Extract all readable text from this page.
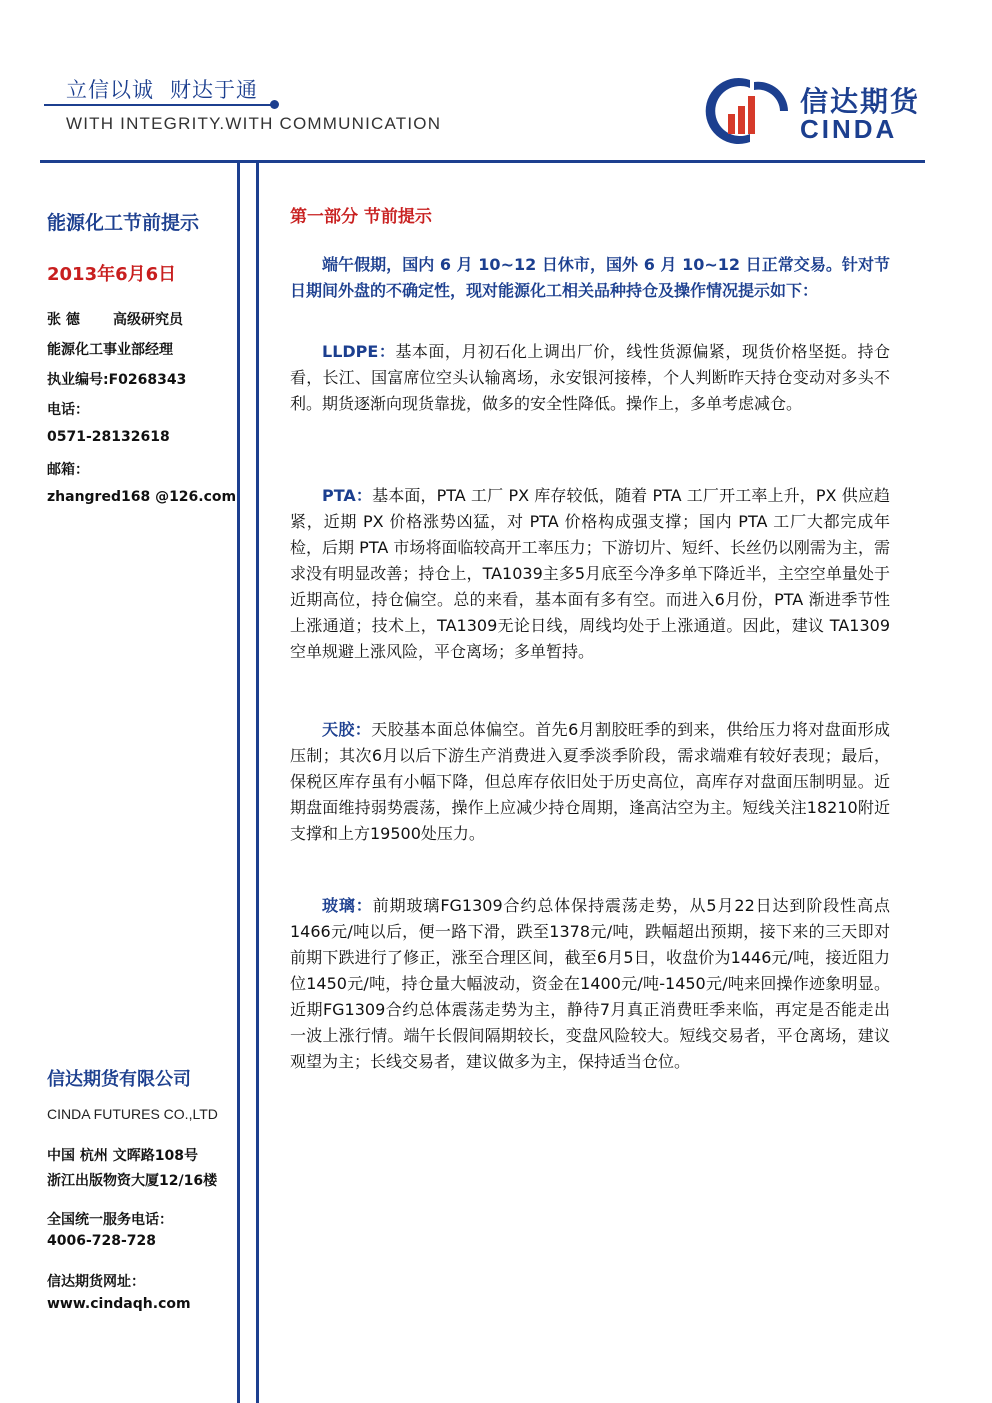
立信以诚 财达于通
WITH INTEGRITY.WITH COMMUNICATION
信达期货
CINDA
能源化工节前提示
2013年6月6日
张 德 高级研究员
能源化工事业部经理
执业编号:F0268343
电话：
0571-28132618
邮箱：
zhangred168 @126.com
信达期货有限公司
CINDA FUTURES CO.,LTD
中国 杭州 文晖路108号
浙江出版物资大厦12/16楼
全国统一服务电话：
4006-728-728
信达期货网址：
www.cindaqh.com
第一部分 节前提示

端午假期，国内 6 月 10~12 日休市，国外 6 月 10~12 日正常交易。针对节日期间外盘的不确定性，现对能源化工相关品种持仓及操作情况提示如下：

LLDPE：基本面，月初石化上调出厂价，线性货源偏紧，现货价格坚挺。持仓看，长江、国富席位空头认输离场，永安银河接棒，个人判断昨天持仓变动对多头不利。期货逐渐向现货靠拢，做多的安全性降低。操作上，多单考虑减仓。

PTA：基本面，PTA 工厂 PX 库存较低，随着 PTA 工厂开工率上升，PX 供应趋紧，近期 PX 价格涨势凶猛，对 PTA 价格构成强支撑；国内 PTA 工厂大都完成年检，后期 PTA 市场将面临较高开工率压力；下游切片、短纤、长丝仍以刚需为主，需求没有明显改善；持仓上，TA1039主多5月底至今净多单下降近半，主空空单量处于近期高位，持仓偏空。总的来看，基本面有多有空。而进入6月份，PTA 渐进季节性上涨通道；技术上，TA1309无论日线，周线均处于上涨通道。因此，建议 TA1309空单规避上涨风险，平仓离场；多单暂持。

天胶：天胶基本面总体偏空。首先6月割胶旺季的到来，供给压力将对盘面形成压制；其次6月以后下游生产消费进入夏季淡季阶段，需求端难有较好表现；最后，保税区库存虽有小幅下降，但总库存依旧处于历史高位，高库存对盘面压制明显。近期盘面维持弱势震荡，操作上应减少持仓周期，逢高沽空为主。短线关注18210附近支撑和上方19500处压力。

玻璃：前期玻璃FG1309合约总体保持震荡走势，从5月22日达到阶段性高点1466元/吨以后，便一路下滑，跌至1378元/吨，跌幅超出预期，接下来的三天即对前期下跌进行了修正，涨至合理区间，截至6月5日，收盘价为1446元/吨，接近阻力位1450元/吨，持仓量大幅波动，资金在1400元/吨-1450元/吨来回操作迹象明显。近期FG1309合约总体震荡走势为主，静待7月真正消费旺季来临，再定是否能走出一波上涨行情。端午长假间隔期较长，变盘风险较大。短线交易者，平仓离场，建议观望为主；长线交易者，建议做多为主，保持适当仓位。
